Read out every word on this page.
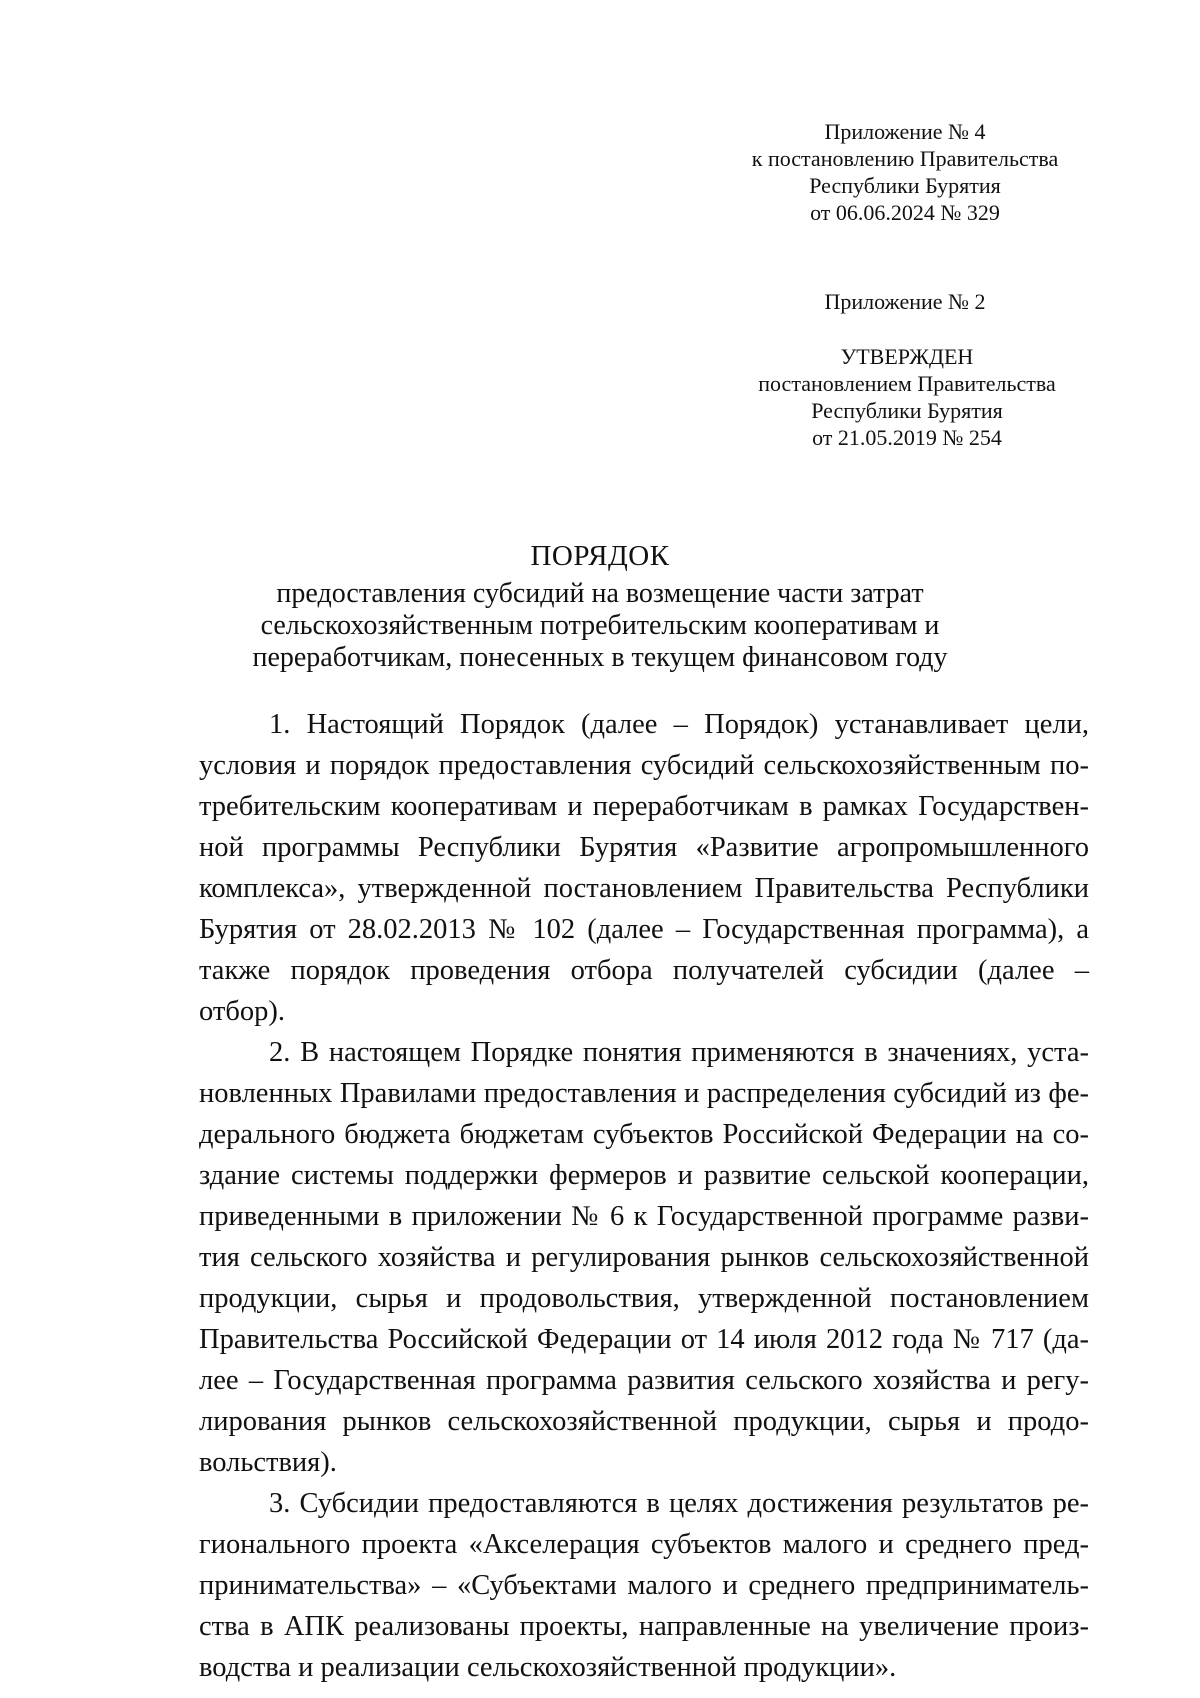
Приложение № 4
к постановлению Правительства
Республики Бурятия
от 06.06.2024 № 329
Приложение № 2
УТВЕРЖДЕН
постановлением Правительства
Республики Бурятия
от 21.05.2019 № 254
ПОРЯДОК
предоставления субсидий на возмещение части затрат
сельскохозяйственным потребительским кооперативам и
переработчикам, понесенных в текущем финансовом году

1. Настоящий Порядок (далее – Порядок) устанавливает цели, условия и порядок предоставления субсидий сельскохозяйственным потребительским кооперативам и переработчикам в рамках Государственной программы Республики Бурятия «Развитие агропромышленного комплекса», утвержденной постановлением Правительства Республики Бурятия от 28.02.2013 № 102 (далее – Государственная программа), а также порядок проведения отбора получателей субсидии (далее – отбор).

2. В настоящем Порядке понятия применяются в значениях, установленных Правилами предоставления и распределения субсидий из федерального бюджета бюджетам субъектов Российской Федерации на создание системы поддержки фермеров и развитие сельской кооперации, приведенными в приложении № 6 к Государственной программе развития сельского хозяйства и регулирования рынков сельскохозяйственной продукции, сырья и продовольствия, утвержденной постановлением Правительства Российской Федерации от 14 июля 2012 года № 717 (далее – Государственная программа развития сельского хозяйства и регулирования рынков сельскохозяйственной продукции, сырья и продовольствия).

3. Субсидии предоставляются в целях достижения результатов регионального проекта «Акселерация субъектов малого и среднего предпринимательства» – «Субъектами малого и среднего предпринимательства в АПК реализованы проекты, направленные на увеличение производства и реализации сельскохозяйственной продукции».
